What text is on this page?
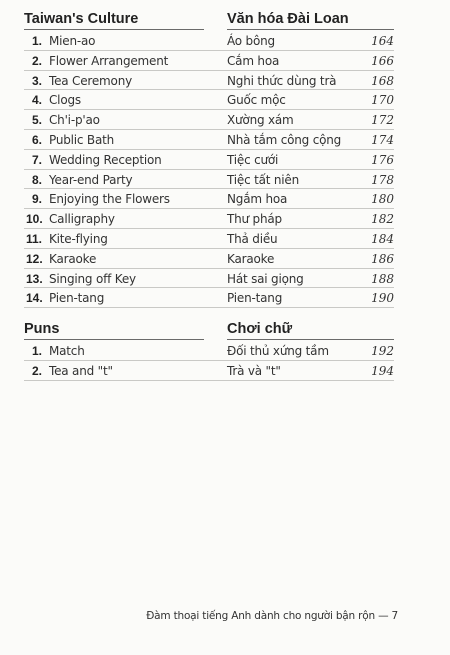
Taiwan's Culture	Văn hóa Đài Loan
1. Mien-ao	Áo bông	164
2. Flower Arrangement	Cắm hoa	166
3. Tea Ceremony	Nghi thức dùng trà	168
4. Clogs	Guốc mộc	170
5. Ch'i-p'ao	Xường xám	172
6. Public Bath	Nhà tắm công cộng	174
7. Wedding Reception	Tiệc cưới	176
8. Year-end Party	Tiệc tất niên	178
9. Enjoying the Flowers	Ngắm hoa	180
10. Calligraphy	Thư pháp	182
11. Kite-flying	Thả diều	184
12. Karaoke	Karaoke	186
13. Singing off Key	Hát sai giọng	188
14. Pien-tang	Pien-tang	190
Puns	Chơi chữ
1. Match	Đối thủ xứng tầm	192
2. Tea and "t"	Trà và "t"	194
Đàm thoại tiếng Anh dành cho người bận rộn — 7
